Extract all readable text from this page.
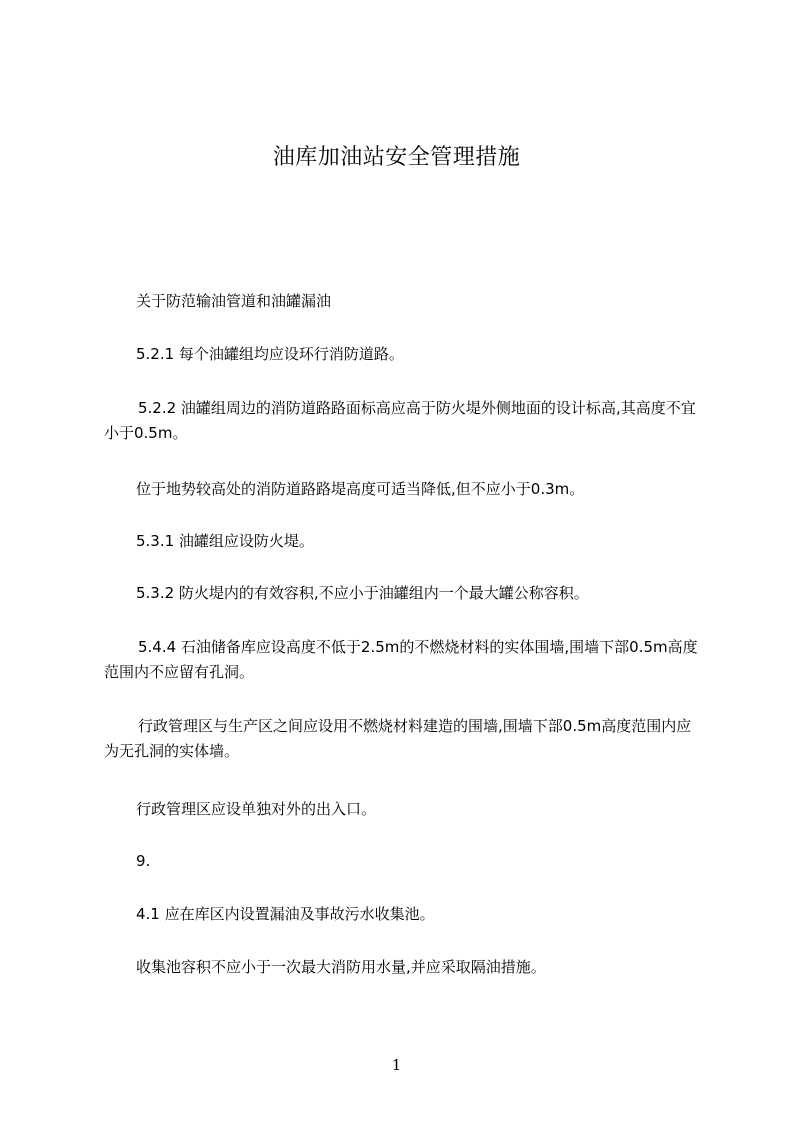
油库加油站安全管理措施

关于防范输油管道和油罐漏油

5.2.1 每个油罐组均应设环行消防道路。

5.2.2 油罐组周边的消防道路路面标高应高于防火堤外侧地面的设计标高,其高度不宜小于0.5m。

位于地势较高处的消防道路路堤高度可适当降低,但不应小于0.3m。

5.3.1 油罐组应设防火堤。

5.3.2 防火堤内的有效容积,不应小于油罐组内一个最大罐公称容积。

5.4.4 石油储备库应设高度不低于2.5m的不燃烧材料的实体围墙,围墙下部0.5m高度范围内不应留有孔洞。

行政管理区与生产区之间应设用不燃烧材料建造的围墙,围墙下部0.5m高度范围内应为无孔洞的实体墙。

行政管理区应设单独对外的出入口。

9.

4.1 应在库区内设置漏油及事故污水收集池。

收集池容积不应小于一次最大消防用水量,并应采取隔油措施。

1
